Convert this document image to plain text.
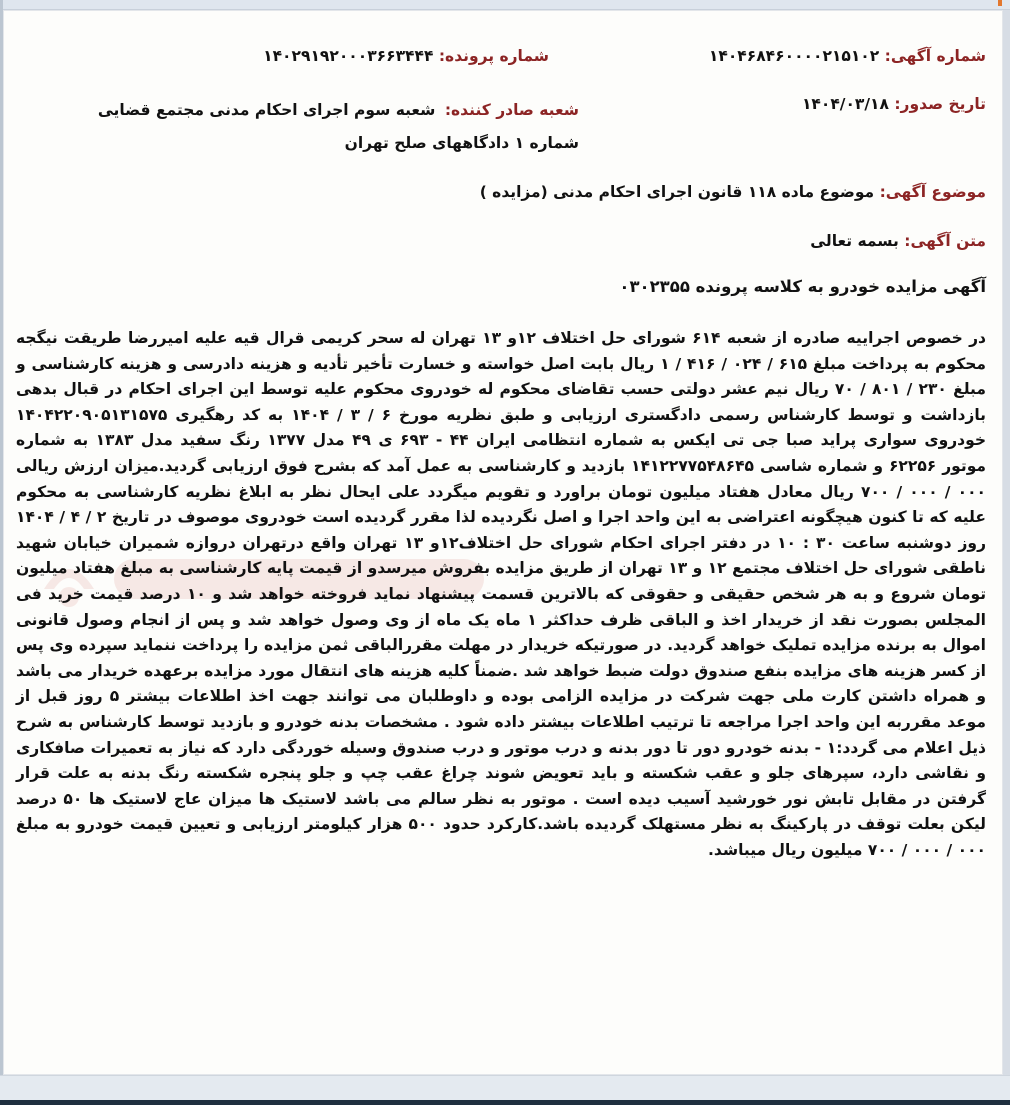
شماره آگهی: ۱۴۰۴۶۸۴۶۰۰۰۰۲۱۵۱۰۲
شماره پرونده: ۱۴۰۲۹۱۹۲۰۰۰۳۶۶۳۴۴۴
تاریخ صدور: ۱۴۰۴/۰۳/۱۸
شعبه صادر کننده: شعبه سوم اجرای احکام مدنی مجتمع قضایی شماره ۱ دادگاههای صلح تهران
موضوع آگهی: موضوع ماده ۱۱۸ قانون اجرای احکام مدنی (مزایده )
متن آگهی: بسمه تعالی
آگهی مزایده خودرو به کلاسه پرونده ۰۳۰۲۳۵۵
در خصوص اجراییه صادره از شعبه ۶۱۴ شورای حل اختلاف ۱۲و ۱۳ تهران له سحر کریمی قرال قیه علیه امیررضا طریقت نیگجه محکوم به پرداخت مبلغ ۶۱۵ / ۰۲۴ / ۴۱۶ / ۱ ریال بابت اصل خواسته و خسارت تأخیر تأدیه و هزینه دادرسی و هزینه کارشناسی و مبلغ ۲۳۰ / ۸۰۱ / ۷۰ ریال نیم عشر دولتی حسب تقاضای محکوم له خودروی محکوم علیه توسط این اجرای احکام در قبال بدهی بازداشت و توسط کارشناس رسمی دادگستری ارزیابی و طبق نظریه مورخ ۶ / ۳ / ۱۴۰۴ به کد رهگیری ۱۴۰۴۲۲۰۹۰۵۱۳۱۵۷۵ خودروی سواری پراید صبا جی تی ایکس به شماره انتظامی ایران ۴۴ - ۶۹۳ ی ۴۹ مدل ۱۳۷۷ رنگ سفید مدل ۱۳۸۳ به شماره موتور ۶۲۲۵۶ و شماره شاسی ۱۴۱۲۲۷۷۵۴۸۶۴۵ بازدید و کارشناسی به عمل آمد که بشرح فوق ارزیابی گردید.میزان ارزش ریالی ۰۰۰ / ۰۰۰ / ۷۰۰ ریال معادل هفتاد میلیون تومان براورد و تقویم میگردد علی ایحال نظر به ابلاغ نظریه کارشناسی به محکوم علیه که تا کنون هیچگونه اعتراضی به این واحد اجرا و اصل نگردیده لذا مقرر گردیده است خودروی موصوف در تاریخ ۲ / ۴ / ۱۴۰۴ روز دوشنبه ساعت ۳۰ : ۱۰ در دفتر اجرای احکام شورای حل اختلاف۱۲و ۱۳ تهران واقع درتهران دروازه شمیران خیابان شهید ناطقی شورای حل اختلاف مجتمع ۱۲ و ۱۳ تهران از طریق مزایده بفروش میرسدو از قیمت پایه کارشناسی به مبلغ هفتاد میلیون تومان شروع و به هر شخص حقیقی و حقوقی که بالاترین قسمت پیشنهاد نماید فروخته خواهد شد و ۱۰ درصد قیمت خرید فی المجلس بصورت نقد از خریدار اخذ و الباقی ظرف حداکثر ۱ ماه یک ماه از وی وصول خواهد شد و پس از انجام وصول قانونی اموال به برنده مزایده تملیک خواهد گردید. در صورتیکه خریدار در مهلت مقررالباقی ثمن مزایده را پرداخت ننماید سپرده وی پس از کسر هزینه های مزایده بنفع صندوق دولت ضبط خواهد شد .ضمناً کلیه هزینه های انتقال مورد مزایده برعهده خریدار می باشد و همراه داشتن کارت ملی جهت شرکت در مزایده الزامی بوده و داوطلبان می توانند جهت اخذ اطلاعات بیشتر ۵ روز قبل از موعد مقرربه این واحد اجرا مراجعه تا ترتیب اطلاعات بیشتر داده شود . مشخصات بدنه خودرو و بازدید توسط کارشناس به شرح ذیل اعلام می گردد:۱ - بدنه خودرو دور تا دور بدنه و درب موتور و درب صندوق وسیله خوردگی دارد که نیاز به تعمیرات صافکاری و نقاشی دارد، سپرهای جلو و عقب شکسته و باید تعویض شوند چراغ عقب چپ و جلو پنجره شکسته رنگ بدنه به علت قرار گرفتن در مقابل تابش نور خورشید آسیب دیده است . موتور به نظر سالم می باشد لاستیک ها میزان عاج لاستیک ها ۵۰ درصد لیکن بعلت توقف در پارکینگ به نظر مستهلک گردیده باشد.کارکرد حدود ۵۰۰ هزار کیلومتر ارزیابی و تعیین قیمت خودرو به مبلغ ۰۰۰ / ۰۰۰ / ۷۰۰ میلیون ریال میباشد.
